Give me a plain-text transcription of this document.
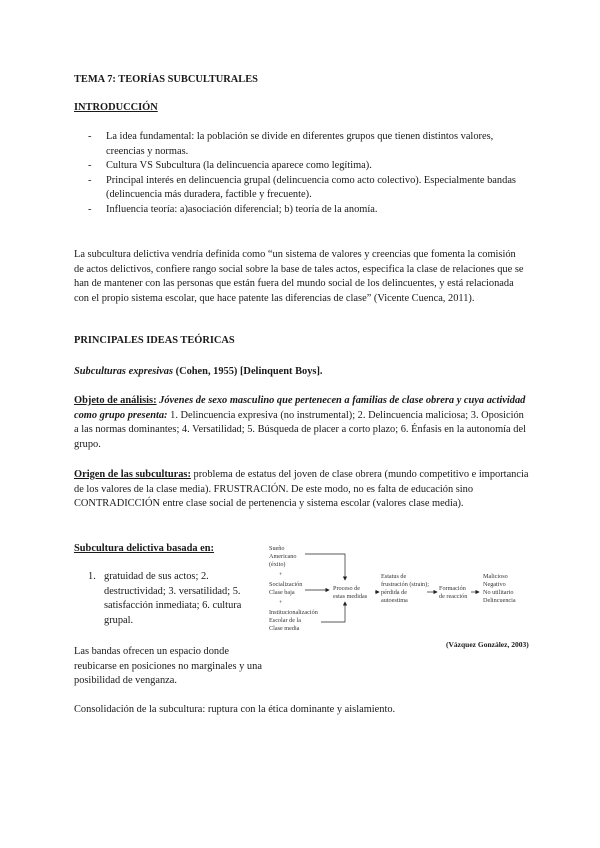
TEMA 7: TEORÍAS SUBCULTURALES
INTRODUCCIÓN
- La idea fundamental: la población se divide en diferentes grupos que tienen distintos valores, creencias y normas.
- Cultura VS Subcultura (la delincuencia aparece como legítima).
- Principal interés en delincuencia grupal (delincuencia como acto colectivo). Especialmente bandas (delincuencia más duradera, factible y frecuente).
- Influencia teoría: a)asociación diferencial; b) teoría de la anomía.
La subcultura delictiva vendría definida como “un sistema de valores y creencias que fomenta la comisión de actos delictivos, confiere rango social sobre la base de tales actos, especifica la clase de relaciones que se han de mantener con las personas que están fuera del mundo social de los delincuentes, y está relacionada con el propio sistema escolar, que hace patente las diferencias de clase” (Vicente Cuenca, 2011).
PRINCIPALES IDEAS TEÓRICAS
Subculturas expresivas (Cohen, 1955) [Delinquent Boys].
Objeto de análisis: Jóvenes de sexo masculino que pertenecen a familias de clase obrera y cuya actividad como grupo presenta: 1. Delincuencia expresiva (no instrumental); 2. Delincuencia maliciosa; 3. Oposición a las normas dominantes; 4. Versatilidad; 5. Búsqueda de placer a corto plazo; 6. Énfasis en la autonomía del grupo.
Origen de las subculturas: problema de estatus del joven de clase obrera (mundo competitivo e importancia de los valores de la clase media). FRUSTRACIÓN. De este modo, no es falta de educación sino CONTRADICCIÓN entre clase social de pertenencia y sistema escolar (valores clase media).
Subcultura delictiva basada en:
1. gratuidad de sus actos; 2. destructividad; 3. versatilidad; 5. satisfacción inmediata; 6. cultura grupal.
Las bandas ofrecen un espacio donde reubicarse en posiciones no marginales y una posibilidad de venganza.
Consolidación de la subcultura: ruptura con la ética dominante y aislamiento.
Sueño
Americano
(éxito)
+
Socialización
Clase baja
+
Institucionalización
Escolar de la
Clase media
Proceso de
estas medidas
Estatus de
frustración (strain);
pérdida de
autoestima
Formación
de reacción
Malicioso
Negativo
No utilitario
Delincuencia
(Vázquez González, 2003)
